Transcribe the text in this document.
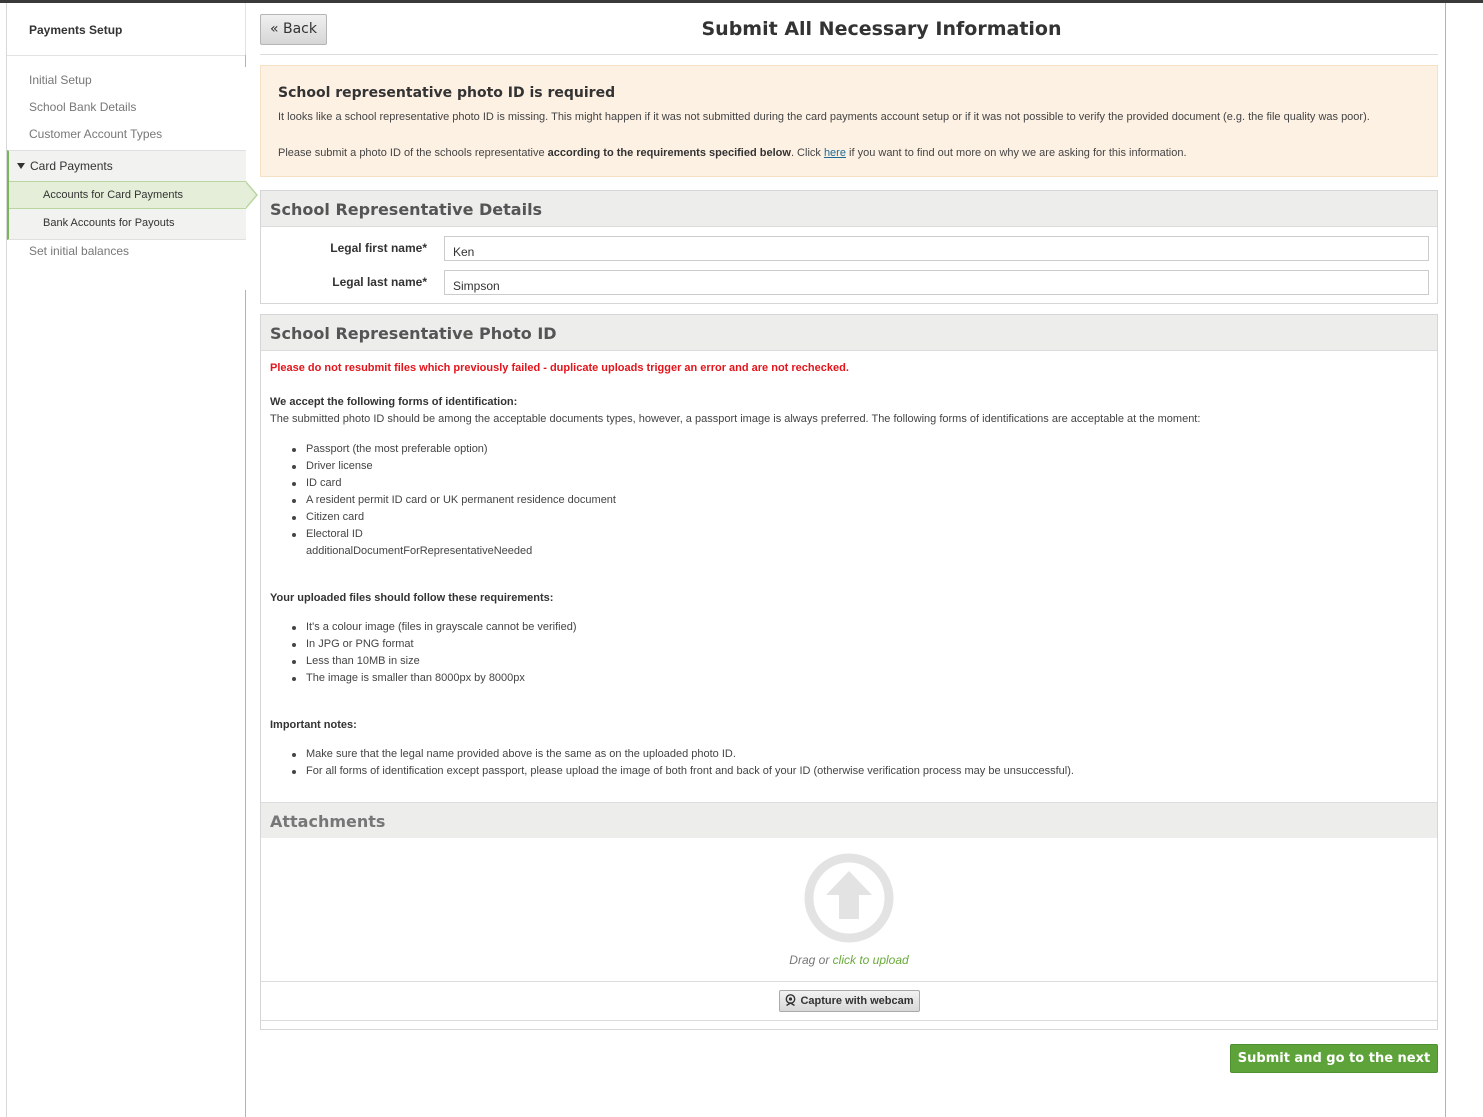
Payments Setup
Initial Setup
School Bank Details
Customer Account Types
Card Payments
Accounts for Card Payments
Bank Accounts for Payouts
Set initial balances
« Back	Submit All Necessary Information
School representative photo ID is required
It looks like a school representative photo ID is missing. This might happen if it was not submitted during the card payments account setup or if it was not possible to verify the provided document (e.g. the file quality was poor).
Please submit a photo ID of the schools representative according to the requirements specified below. Click here if you want to find out more on why we are asking for this information.
School Representative Details
Legal first name*
Ken
Legal last name*
Simpson
School Representative Photo ID
Please do not resubmit files which previously failed - duplicate uploads trigger an error and are not rechecked.
We accept the following forms of identification:
The submitted photo ID should be among the acceptable documents types, however, a passport image is always preferred. The following forms of identifications are acceptable at the moment:
Passport (the most preferable option)
Driver license
ID card
A resident permit ID card or UK permanent residence document
Citizen card
Electoral ID
additionalDocumentForRepresentativeNeeded
Your uploaded files should follow these requirements:
It's a colour image (files in grayscale cannot be verified)
In JPG or PNG format
Less than 10MB in size
The image is smaller than 8000px by 8000px
Important notes:
Make sure that the legal name provided above is the same as on the uploaded photo ID.
For all forms of identification except passport, please upload the image of both front and back of your ID (otherwise verification process may be unsuccessful).
Attachments
Drag or click to upload
Capture with webcam
Submit and go to the next step
